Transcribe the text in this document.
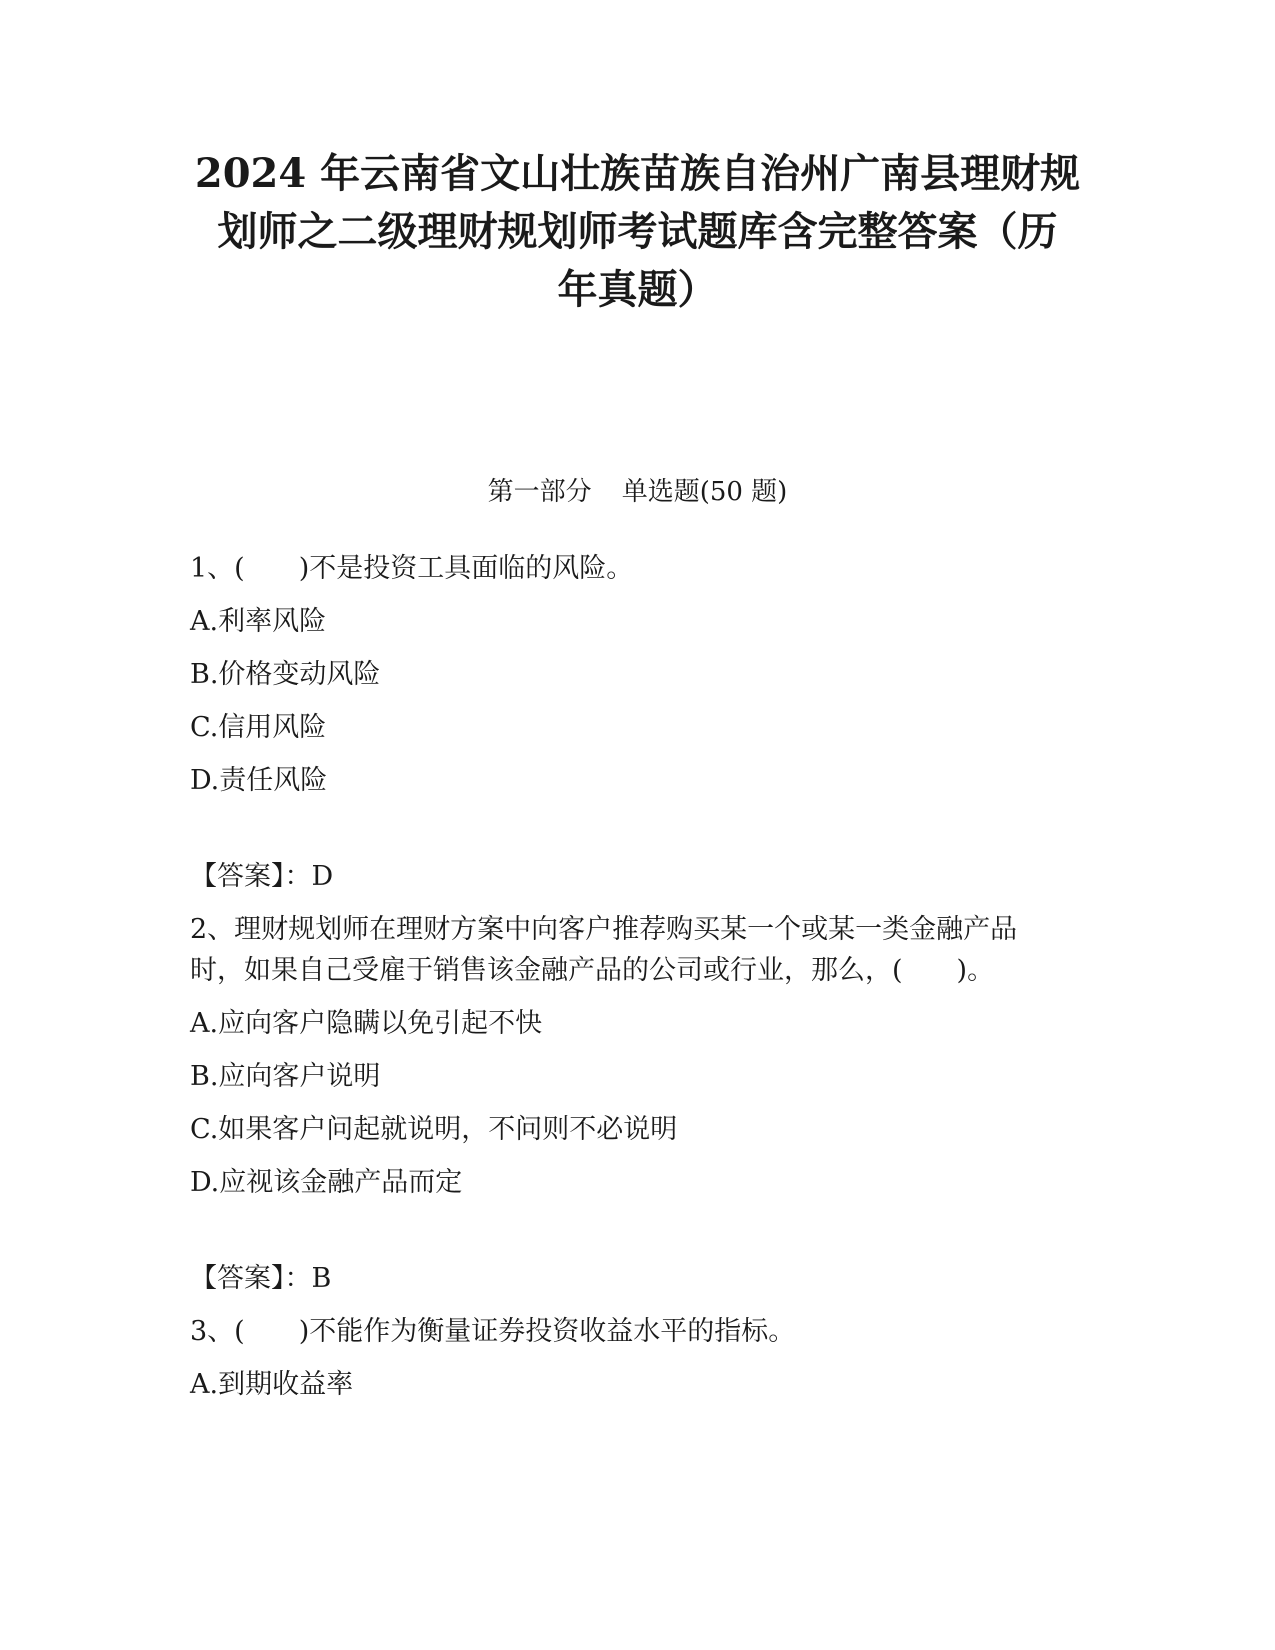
2024 年云南省文山壮族苗族自治州广南县理财规
划师之二级理财规划师考试题库含完整答案（历
年真题）
第一部分 单选题(50 题)
1、(　　)不是投资工具面临的风险。
A.利率风险
B.价格变动风险
C.信用风险
D.责任风险
【答案】：D
2、理财规划师在理财方案中向客户推荐购买某一个或某一类金融产品
时，如果自己受雇于销售该金融产品的公司或行业，那么，(　　)。
A.应向客户隐瞒以免引起不快
B.应向客户说明
C.如果客户问起就说明，不问则不必说明
D.应视该金融产品而定
【答案】：B
3、(　　)不能作为衡量证券投资收益水平的指标。
A.到期收益率
